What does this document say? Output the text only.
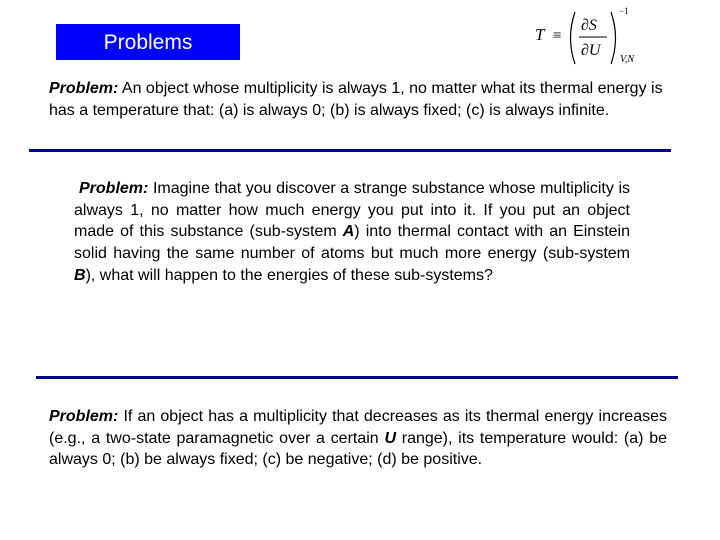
Problems	T ≡
∂S
∂U
−1
V,N
Problem: An object whose multiplicity is always 1, no matter what its thermal energy is has a temperature that: (a) is always 0; (b) is always fixed; (c) is always infinite.
Problem: Imagine that you discover a strange substance whose multiplicity is always 1, no matter how much energy you put into it. If you put an object made of this substance (sub-system A) into thermal contact with an Einstein solid having the same number of atoms but much more energy (sub-system B), what will happen to the energies of these sub-systems?
Problem: If an object has a multiplicity that decreases as its thermal energy increases (e.g., a two-state paramagnetic over a certain U range), its temperature would: (a) be always 0; (b) be always fixed; (c) be negative; (d) be positive.
